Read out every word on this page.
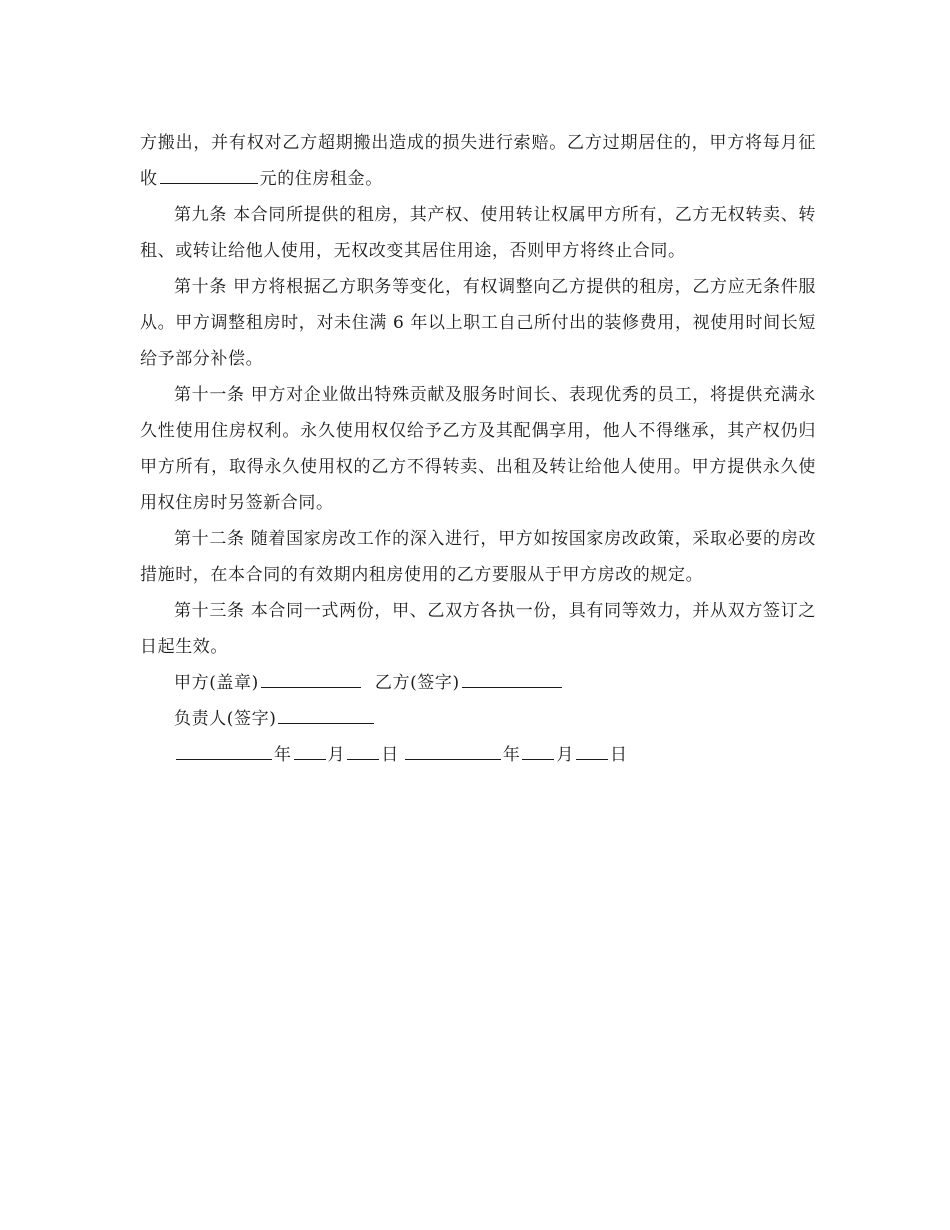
方搬出，并有权对乙方超期搬出造成的损失进行索赔。乙方过期居住的，甲方将每月征收	元的住房租金。

第九条 本合同所提供的租房，其产权、使用转让权属甲方所有，乙方无权转卖、转租、或转让给他人使用，无权改变其居住用途，否则甲方将终止合同。

第十条 甲方将根据乙方职务等变化，有权调整向乙方提供的租房，乙方应无条件服从。甲方调整租房时，对未住满 6 年以上职工自己所付出的装修费用，视使用时间长短给予部分补偿。

第十一条 甲方对企业做出特殊贡献及服务时间长、表现优秀的员工，将提供充满永久性使用住房权利。永久使用权仅给予乙方及其配偶享用，他人不得继承，其产权仍归甲方所有，取得永久使用权的乙方不得转卖、出租及转让给他人使用。甲方提供永久使用权住房时另签新合同。

第十二条 随着国家房改工作的深入进行，甲方如按国家房改政策，采取必要的房改措施时，在本合同的有效期内租房使用的乙方要服从于甲方房改的规定。

第十三条 本合同一式两份，甲、乙双方各执一份，具有同等效力，并从双方签订之日起生效。

甲方(盖章)	乙方(签字)

负责人(签字)

年 月 日	年 月 日
